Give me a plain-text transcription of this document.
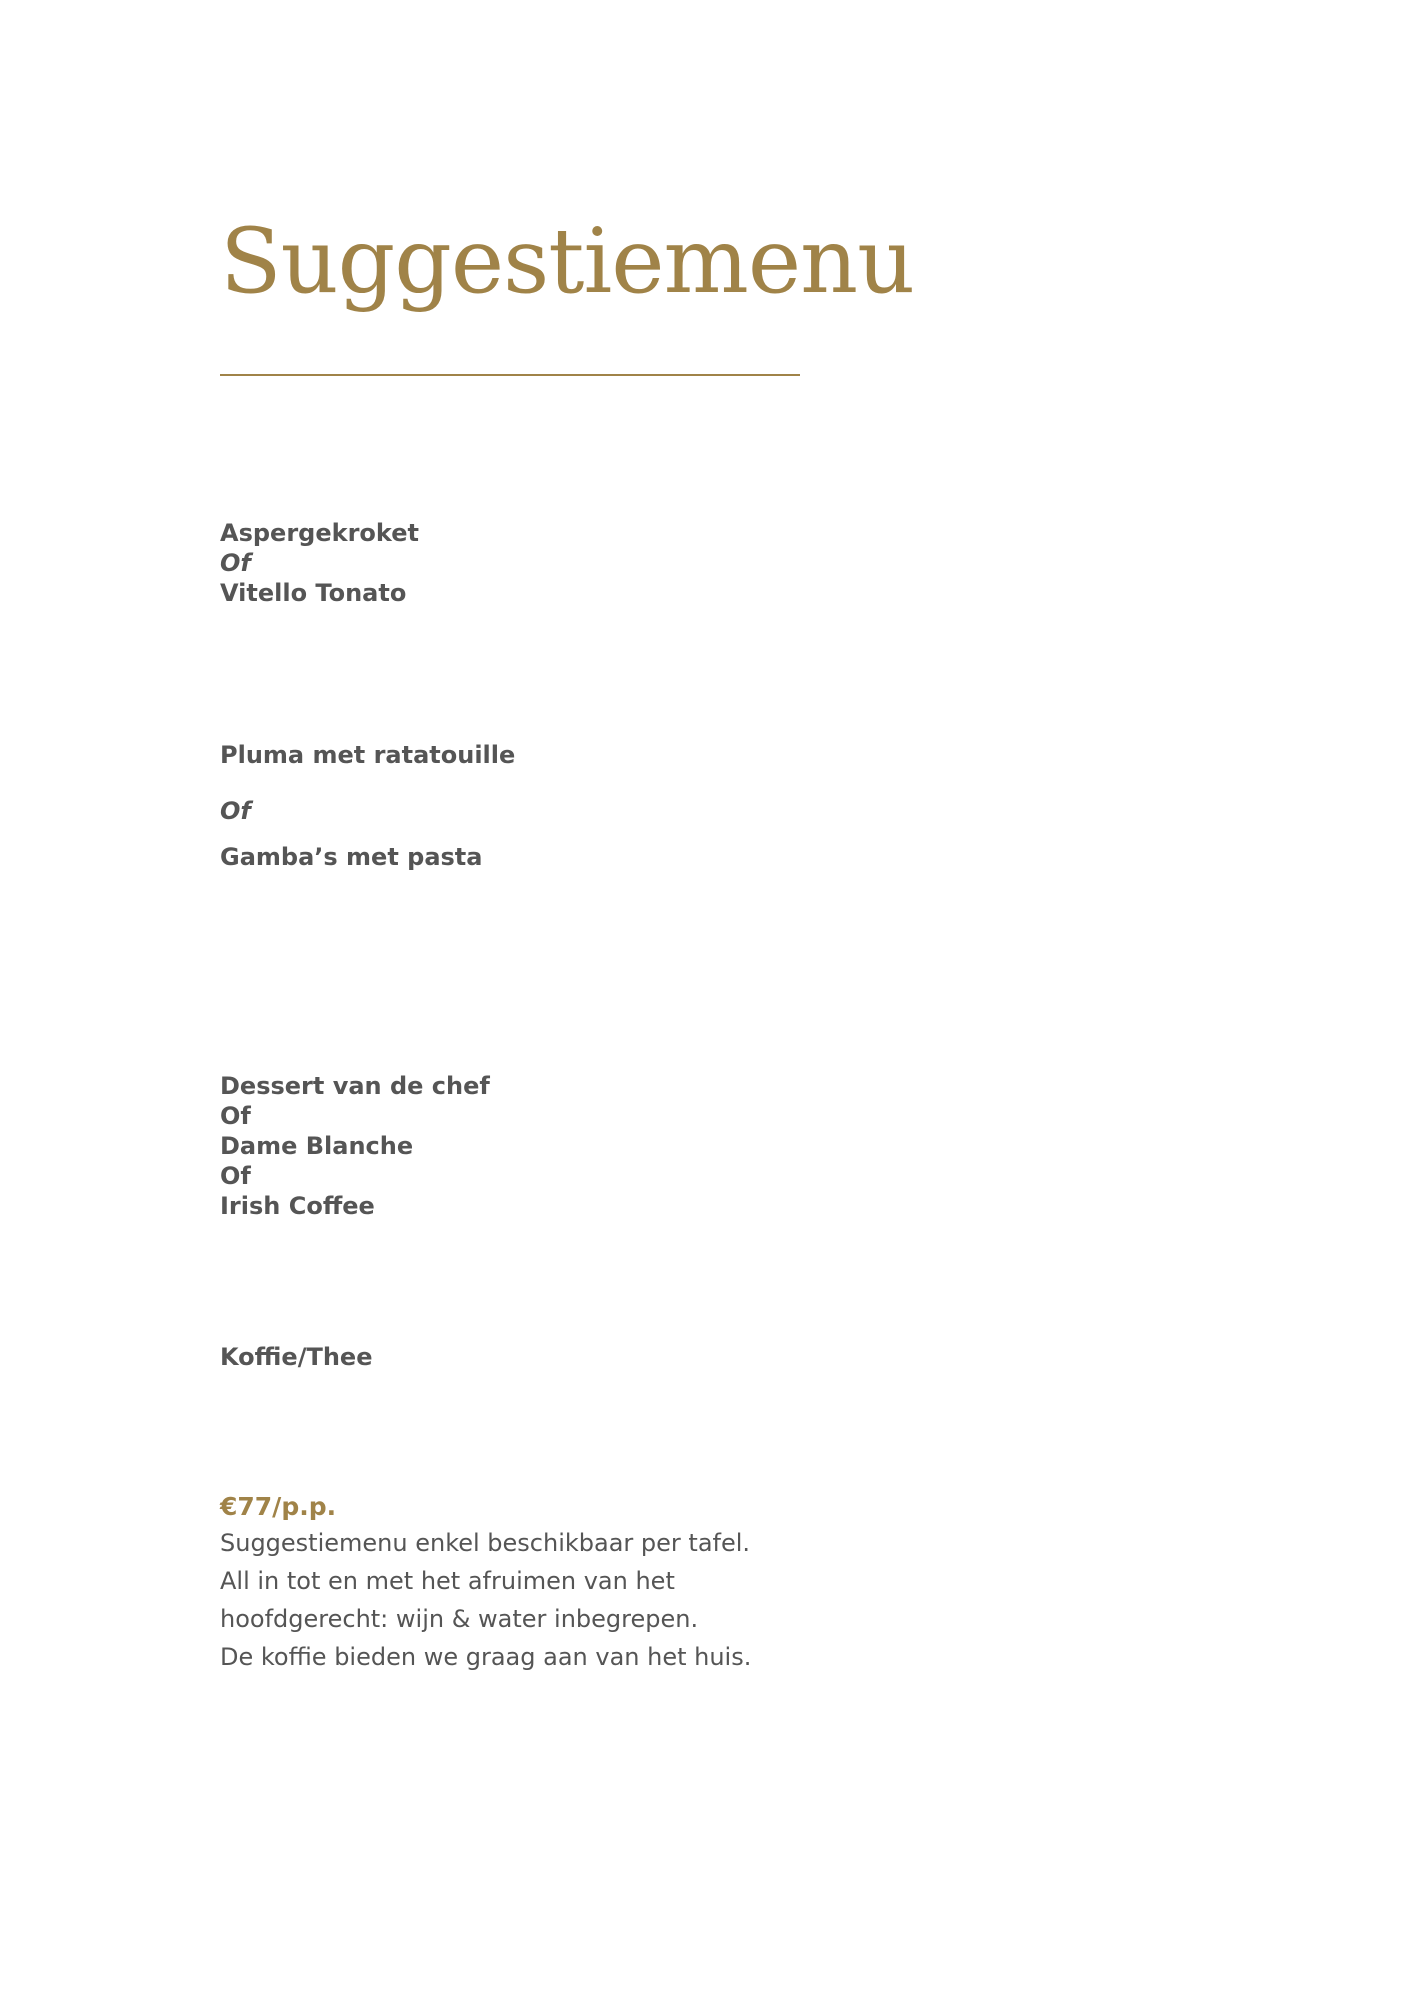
Suggestiemenu

Aspergekroket

Of

Vitello Tonato

Pluma met ratatouille

Of

Gamba’s met pasta

Dessert van de chef

Of

Dame Blanche

Of

Irish Coffee

Koffie/Thee

€77/p.p.

Suggestiemenu enkel beschikbaar per tafel.

All in tot en met het afruimen van het

hoofdgerecht: wijn & water inbegrepen.

De koffie bieden we graag aan van het huis.
